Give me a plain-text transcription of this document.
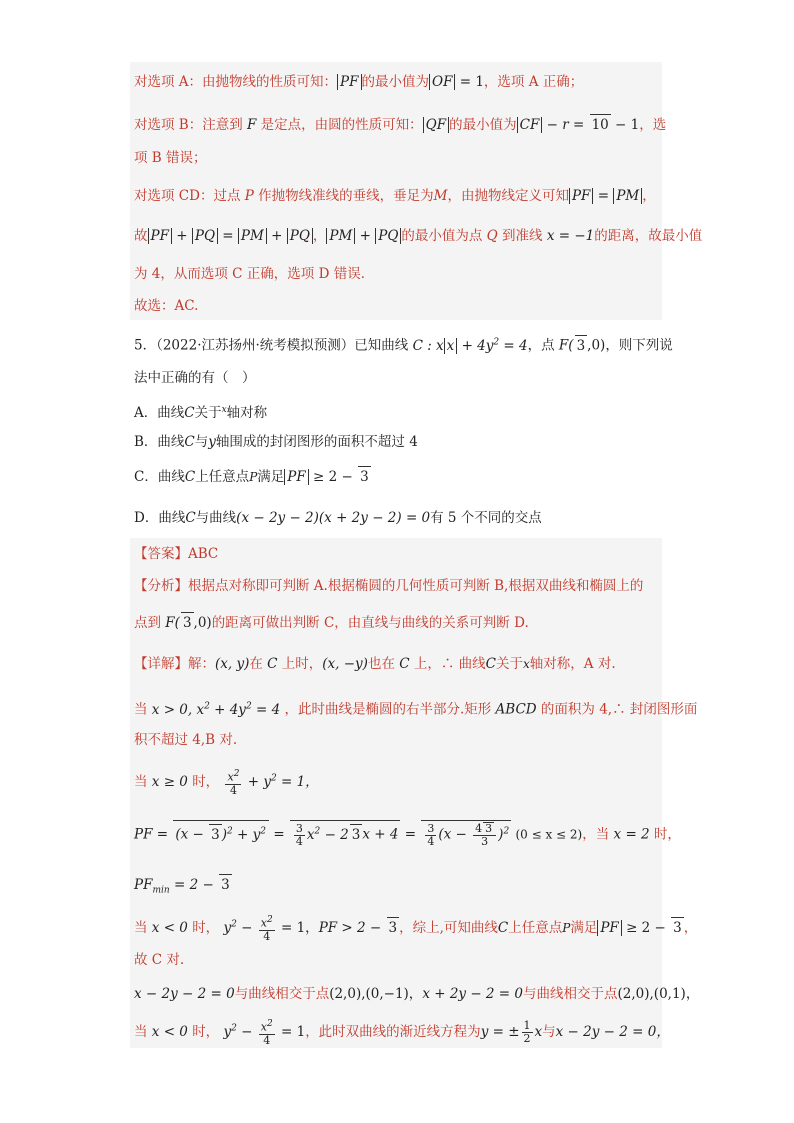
对选项 A：由抛物线的性质可知： PF 的最小值为 OF = 1，选项 A 正确；
对选项 B：注意到 F 是定点，由圆的性质可知： QF 的最小值为 CF − r = 10 − 1，选
项 B 错误；
对选项 CD：过点 P 作抛物线准线的垂线，垂足为M，由抛物线定义可知 PF = PM ，
故 PF + PQ = PM + PQ ， PM + PQ 的最小值为点 Q 到准线 x = −1的距离，故最小值
为 4，从而选项 C 正确，选项 D 错误．
故选：AC.
5．（2022·江苏扬州·统考模拟预测）已知曲线 C : x $x + 4y^2 = 4$，点 F( 3 ,0)，则下列说
法中正确的有（　）
A．曲线C关于$^x$轴对称
B．曲线C与y轴围成的封闭图形的面积不超过 4
C．曲线C上任意点P满足 PF ≥ 2 − 3
D．曲线C与曲线(x − 2y − 2)(x + 2y − 2) = 0有 5 个不同的交点
【答案】ABC
【分析】根据点对称即可判断 A.根据椭圆的几何性质可判断 B,根据双曲线和椭圆上的
点到 F( 3 ,0)的距离可做出判断 C，由直线与曲线的关系可判断 D.
【详解】解：(x, y)在 C 上时，(x, −y)也在 C 上，∴ 曲线C关于x轴对称，A 对.
当 x > 0, $x^2 + 4y^2 = 4$ ，此时曲线是椭圆的右半部分.矩形 ABCD 的面积为 4,∴ 封闭图形面
积不超过 4,B 对.
当 x ≥ 0 时， $\frac{x^2}{4} + y^2 = 1$，
PF = (x − 3 )$^2 + y^2 = \frac{3}{4} x^2 - 2$ 3 $x + 4 = \frac{3}{4} (x - \frac{4 3}{3} )^2$ (0 ≤ x ≤ 2)，当 x = 2 时，
$PF_{min} = 2 - 3$
当 x < 0 时， $y^2 - \frac{x^2}{4} = 1$，PF > 2 − 3 ，综上,可知曲线C上任意点P满足 PF ≥ 2 − 3 ，
故 C 对.
x − 2y − 2 = 0与曲线相交于点(2,0),(0,−1)，x + 2y − 2 = 0与曲线相交于点(2,0),(0,1)，
当 x < 0 时， $y^2 - \frac{x^2}{4} = 1$，此时双曲线的渐近线方程为y = ± $\frac{1}{2}$ x与x − 2y − 2 = 0，
